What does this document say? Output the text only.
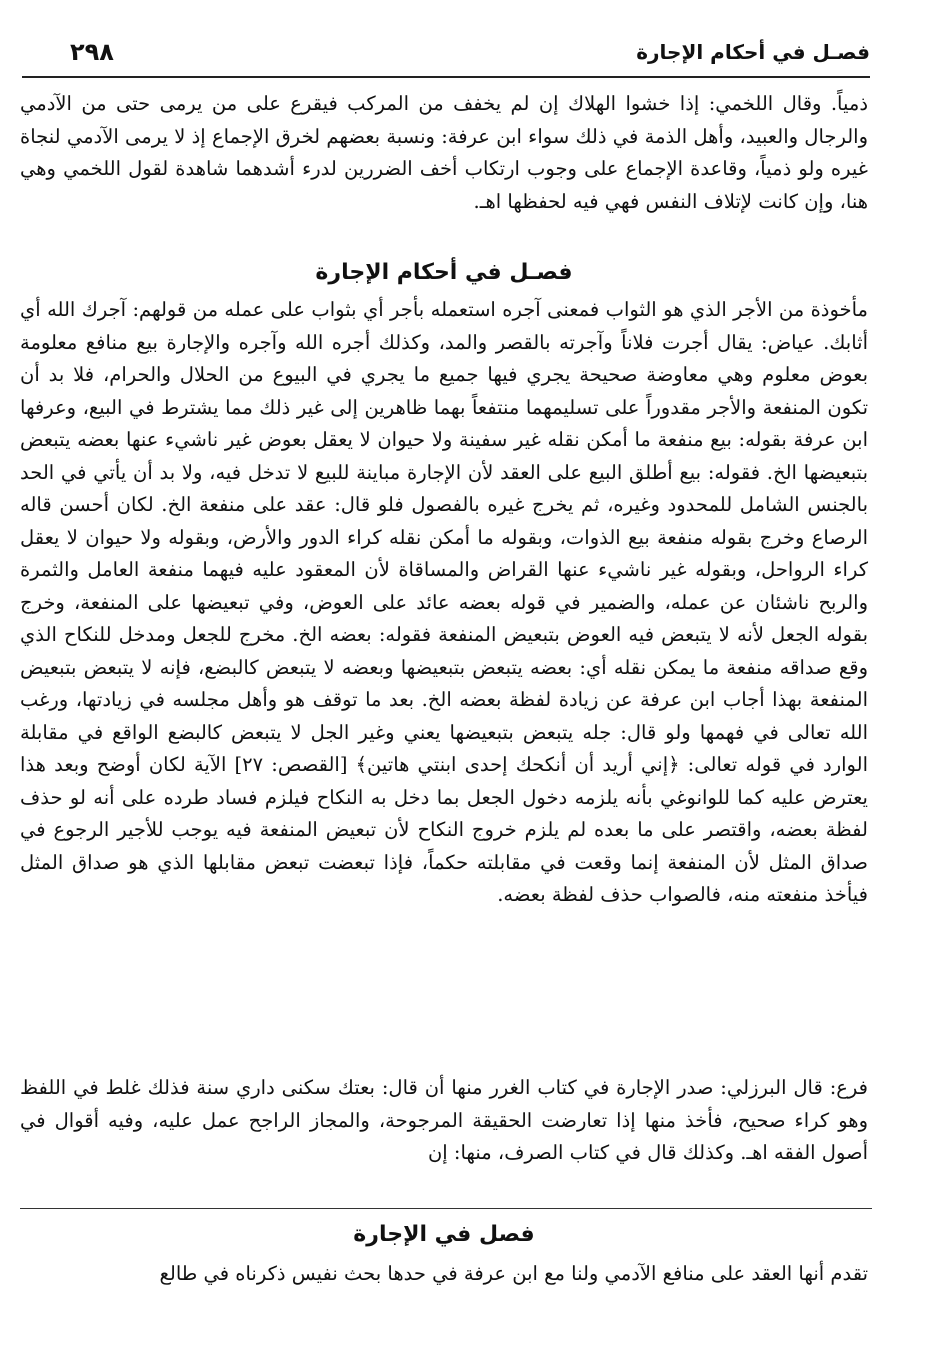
فصـل في أحكام الإجارة
٢٩٨

ذمياً. وقال اللخمي: إذا خشوا الهلاك إن لم يخفف من المركب فيقرع على من يرمى حتى من الآدمي والرجال والعبيد، وأهل الذمة في ذلك سواء ابن عرفة: ونسبة بعضهم لخرق الإجماع إذ لا يرمى الآدمي لنجاة غيره ولو ذمياً، وقاعدة الإجماع على وجوب ارتكاب أخف الضررين لدرء أشدهما شاهدة لقول اللخمي وهي هنا، وإن كانت لإتلاف النفس فهي فيه لحفظها اهـ.

فصـل في أحكام الإجارة

مأخوذة من الأجر الذي هو الثواب فمعنى آجره استعمله بأجر أي بثواب على عمله من قولهم: آجرك الله أي أثابك. عياض: يقال أجرت فلاناً وآجرته بالقصر والمد، وكذلك أجره الله وآجره والإجارة بيع منافع معلومة بعوض معلوم وهي معاوضة صحيحة يجري فيها جميع ما يجري في البيوع من الحلال والحرام، فلا بد أن تكون المنفعة والأجر مقدوراً على تسليمهما منتفعاً بهما ظاهرين إلى غير ذلك مما يشترط في البيع، وعرفها ابن عرفة بقوله: بيع منفعة ما أمكن نقله غير سفينة ولا حيوان لا يعقل بعوض غير ناشيء عنها بعضه يتبعض بتبعيضها الخ. فقوله: بيع أطلق البيع على العقد لأن الإجارة مباينة للبيع لا تدخل فيه، ولا بد أن يأتي في الحد بالجنس الشامل للمحدود وغيره، ثم يخرج غيره بالفصول فلو قال: عقد على منفعة الخ. لكان أحسن قاله الرصاع وخرج بقوله منفعة بيع الذوات، وبقوله ما أمكن نقله كراء الدور والأرض، وبقوله ولا حيوان لا يعقل كراء الرواحل، وبقوله غير ناشيء عنها القراض والمساقاة لأن المعقود عليه فيهما منفعة العامل والثمرة والربح ناشئان عن عمله، والضمير في قوله بعضه عائد على العوض، وفي تبعيضها على المنفعة، وخرج بقوله الجعل لأنه لا يتبعض فيه العوض بتبعيض المنفعة فقوله: بعضه الخ. مخرج للجعل ومدخل للنكاح الذي وقع صداقه منفعة ما يمكن نقله أي: بعضه يتبعض بتبعيضها وبعضه لا يتبعض كالبضع، فإنه لا يتبعض بتبعيض المنفعة بهذا أجاب ابن عرفة عن زيادة لفظة بعضه الخ. بعد ما توقف هو وأهل مجلسه في زيادتها، ورغب الله تعالى في فهمها ولو قال: جله يتبعض بتبعيضها يعني وغير الجل لا يتبعض كالبضع الواقع في مقابلة الوارد في قوله تعالى: ﴿إني أريد أن أنكحك إحدى ابنتي هاتين﴾ [القصص: ٢٧] الآية لكان أوضح وبعد هذا يعترض عليه كما للوانوغي بأنه يلزمه دخول الجعل بما دخل به النكاح فيلزم فساد طرده على أنه لو حذف لفظة بعضه، واقتصر على ما بعده لم يلزم خروج النكاح لأن تبعيض المنفعة فيه يوجب للأجير الرجوع في صداق المثل لأن المنفعة إنما وقعت في مقابلته حكماً، فإذا تبعضت تبعض مقابلها الذي هو صداق المثل فيأخذ منفعته منه، فالصواب حذف لفظة بعضه.

فرع: قال البرزلي: صدر الإجارة في كتاب الغرر منها أن قال: بعتك سكنى داري سنة فذلك غلط في اللفظ وهو كراء صحيح، فأخذ منها إذا تعارضت الحقيقة المرجوحة، والمجاز الراجح عمل عليه، وفيه أقوال في أصول الفقه اهـ. وكذلك قال في كتاب الصرف، منها: إن

فصل في الإجارة

تقدم أنها العقد على منافع الآدمي ولنا مع ابن عرفة في حدها بحث نفيس ذكرناه في طالع
